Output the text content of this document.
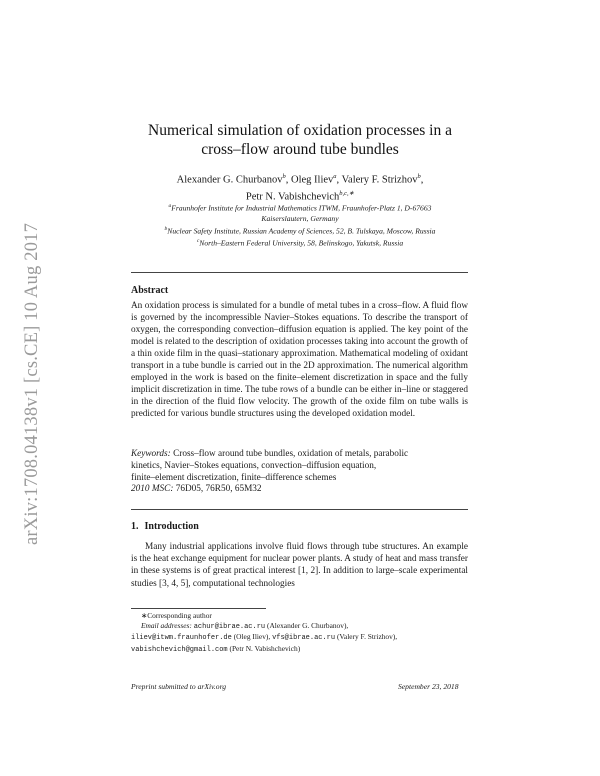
arXiv:1708.04138v1 [cs.CE] 10 Aug 2017
Numerical simulation of oxidation processes in a
cross–flow around tube bundles
Alexander G. Churbanov$^b$, Oleg Iliev$^a$, Valery F. Strizhov$^b$,
Petr N. Vabishchevich$^{b,c,∗}$
$^a$Fraunhofer Institute for Industrial Mathematics ITWM, Fraunhofer-Platz 1, D-67663
Kaiserslautern, Germany
$^b$Nuclear Safety Institute, Russian Academy of Sciences, 52, B. Tulskaya, Moscow, Russia
$^c$North–Eastern Federal University, 58, Belinskogo, Yakutsk, Russia
Abstract
An oxidation process is simulated for a bundle of metal tubes in a cross–flow. A fluid flow is governed by the incompressible Navier–Stokes equations. To describe the transport of oxygen, the corresponding convection–diffusion equation is applied. The key point of the model is related to the description of oxidation processes taking into account the growth of a thin oxide film in the quasi–stationary approximation. Mathematical modeling of oxidant transport in a tube bundle is carried out in the 2D approximation. The numerical algorithm employed in the work is based on the finite–element discretization in space and the fully implicit discretization in time. The tube rows of a bundle can be either in–line or staggered in the direction of the fluid flow velocity. The growth of the oxide film on tube walls is predicted for various bundle structures using the developed oxidation model.
Keywords: Cross–flow around tube bundles, oxidation of metals, parabolic
kinetics, Navier–Stokes equations, convection–diffusion equation,
finite–element discretization, finite–difference schemes
2010 MSC: 76D05, 76R50, 65M32
1. Introduction
Many industrial applications involve fluid flows through tube structures. An example is the heat exchange equipment for nuclear power plants. A study of heat and mass transfer in these systems is of great practical interest [1, 2]. In addition to large–scale experimental studies [3, 4, 5], computational technologies
∗Corresponding author
Email addresses: achur@ibrae.ac.ru (Alexander G. Churbanov),
iliev@itwm.fraunhofer.de (Oleg Iliev), vfs@ibrae.ac.ru (Valery F. Strizhov),
vabishchevich@gmail.com (Petr N. Vabishchevich)
Preprint submitted to arXiv.org	September 23, 2018
